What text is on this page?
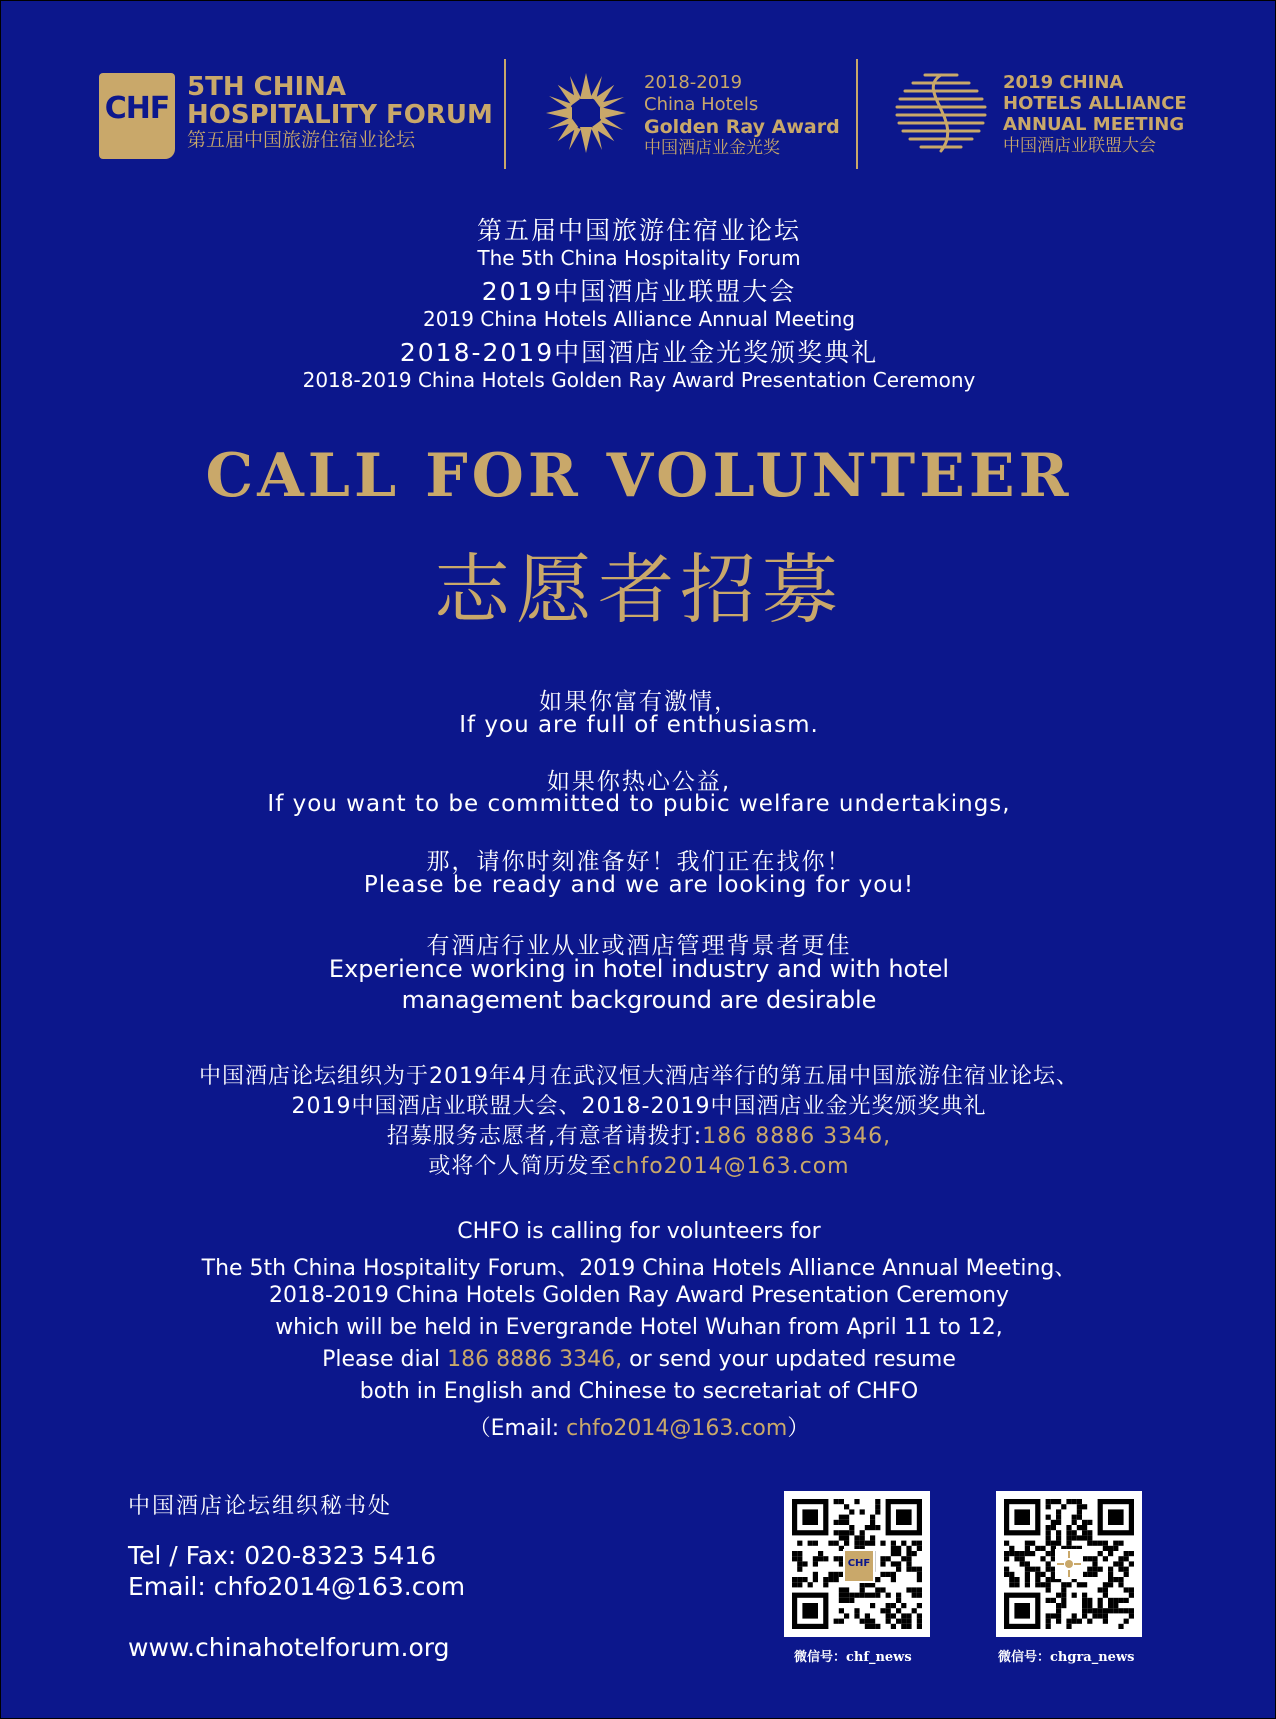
CHF
5TH CHINA
HOSPITALITY FORUM
第五届中国旅游住宿业论坛
2018-2019
China Hotels
Golden Ray Award
中国酒店业金光奖
2019 CHINA
HOTELS ALLIANCE
ANNUAL MEETING
中国酒店业联盟大会
第五届中国旅游住宿业论坛
The 5th China Hospitality Forum
2019中国酒店业联盟大会
2019 China Hotels Alliance Annual Meeting
2018-2019中国酒店业金光奖颁奖典礼
2018-2019 China Hotels Golden Ray Award Presentation Ceremony
CALL FOR VOLUNTEER
志愿者招募
如果你富有激情，
If you are full of enthusiasm.
如果你热心公益,
If you want to be committed to pubic welfare undertakings,
那，请你时刻准备好！我们正在找你！
Please be ready and we are looking for you!
有酒店行业从业或酒店管理背景者更佳
Experience working in hotel industry and with hotel
management background are desirable
中国酒店论坛组织为于2019年4月在武汉恒大酒店举行的第五届中国旅游住宿业论坛、
2019中国酒店业联盟大会、2018-2019中国酒店业金光奖颁奖典礼
招募服务志愿者,有意者请拨打:186 8886 3346,
或将个人简历发至chfo2014@163.com
CHFO is calling for volunteers for
The 5th China Hospitality Forum、2019 China Hotels Alliance Annual Meeting、
2018-2019 China Hotels Golden Ray Award Presentation Ceremony
which will be held in Evergrande Hotel Wuhan from April 11 to 12,
Please dial 186 8886 3346, or send your updated resume
both in English and Chinese to secretariat of CHFO
（Email: chfo2014@163.com）
中国酒店论坛组织秘书处
Tel / Fax: 020-8323 5416
Email: chfo2014@163.com
www.chinahotelforum.org
CHF
微信号：chf_news	微信号：chgra_news
